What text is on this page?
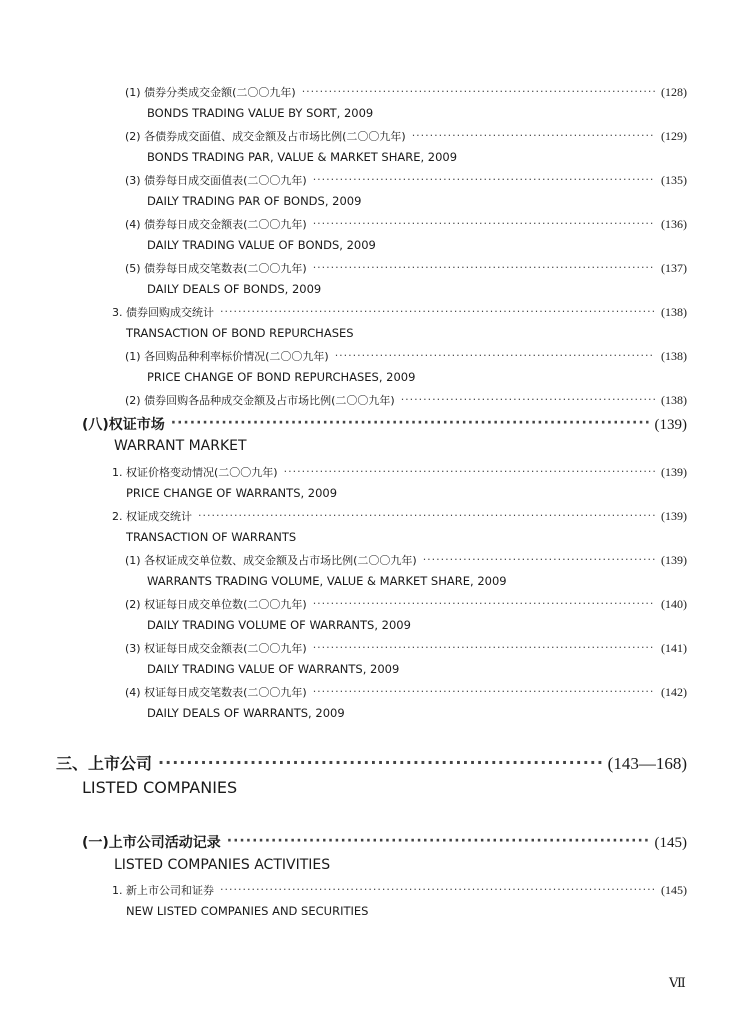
(1) 债券分类成交金额(二〇〇九年) ·····	(128)
BONDS TRADING VALUE BY SORT, 2009
(2) 各债券成交面值、成交金额及占市场比例(二〇〇九年) ·····	(129)
BONDS TRADING PAR, VALUE & MARKET SHARE, 2009
(3) 债券每日成交面值表(二〇〇九年) ·····	(135)
DAILY TRADING PAR OF BONDS, 2009
(4) 债券每日成交金额表(二〇〇九年) ·····	(136)
DAILY TRADING VALUE OF BONDS, 2009
(5) 债券每日成交笔数表(二〇〇九年) ·····	(137)
DAILY DEALS OF BONDS, 2009
3. 债券回购成交统计 ·····	(138)
TRANSACTION OF BOND REPURCHASES
(1) 各回购品种利率标价情况(二〇〇九年) ·····	(138)
PRICE CHANGE OF BOND REPURCHASES, 2009
(2) 债券回购各品种成交金额及占市场比例(二〇〇九年) ·····	(138)
(八)权证市场 ·····	(139)
WARRANT MARKET
1. 权证价格变动情况(二〇〇九年) ·····	(139)
PRICE CHANGE OF WARRANTS, 2009
2. 权证成交统计 ·····	(139)
TRANSACTION OF WARRANTS
(1) 各权证成交单位数、成交金额及占市场比例(二〇〇九年) ·····	(139)
WARRANTS TRADING VOLUME, VALUE & MARKET SHARE, 2009
(2) 权证每日成交单位数(二〇〇九年) ·····	(140)
DAILY TRADING VOLUME OF WARRANTS, 2009
(3) 权证每日成交金额表(二〇〇九年) ·····	(141)
DAILY TRADING VALUE OF WARRANTS, 2009
(4) 权证每日成交笔数表(二〇〇九年) ·····	(142)
DAILY DEALS OF WARRANTS, 2009
三、上市公司 ·····	(143—168)
LISTED COMPANIES
(一)上市公司活动记录 ·····	(145)
LISTED COMPANIES ACTIVITIES
1. 新上市公司和证券 ·····	(145)
NEW LISTED COMPANIES AND SECURITIES
Ⅶ
